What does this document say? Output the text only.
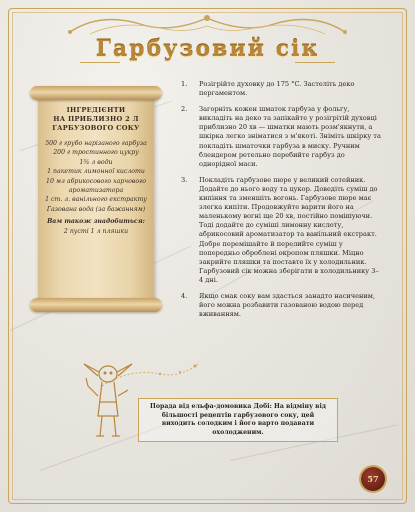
Гарбузовий сік
ІНГРЕДІЄНТИ
НА ПРИБЛИЗНО 2 Л
ГАРБУЗОВОГО СОКУ
500 г грубо нарізаного гарбуза
200 г тростинного цукру
1¾ л води
1 пакетик лимонної кислоти
10 мл абрикосового харчового ароматизатора
1 ст. л. ванільного екстракту
Газована вода (за бажанням)
Вам також знадобиться:
2 пусті 1 л пляшки
1. Розігрійте духовку до 175 °C. Застеліть деко пергаментом.
2. Загорніть кожен шматок гарбуза у фольгу, викладіть на деко та запікайте у розігрітій духовці приблизно 20 хв — шматки мають розм'якнути, а шкірка легко зніматися з м'якоті. Зніміть шкірку та покладіть шматочки гарбуза в миску. Ручним блендером ретельно перебийте гарбуз до однорідної маси.
3. Покладіть гарбузове пюре у великий сотейник. Додайте до нього воду та цукор. Доведіть суміш до кипіння та зменшіть вогонь. Гарбузове пюре має злегка кипіти. Продовжуйте варити його на маленькому вогні ще 20 хв, постійно помішуючи. Тоді додайте до суміші лимонну кислоту, абрикосовий ароматизатор та ванільний екстракт. Добре перемішайте й перелийте суміш у попередньо оброблені окропом пляшки. Міцно закрийте пляшки та поставте їх у холодильник. Гарбузовий сік можна зберігати в холодильнику 3–4 дні.
4. Якщо смак соку вам здасться занадто насиченим, його можна розбавити газованою водою перед вживанням.
Порада від ельфа-домовика Добі: На відміну від більшості рецептів гарбузового соку, цей виходить солодким і його варто подавати охолодженим.
57
